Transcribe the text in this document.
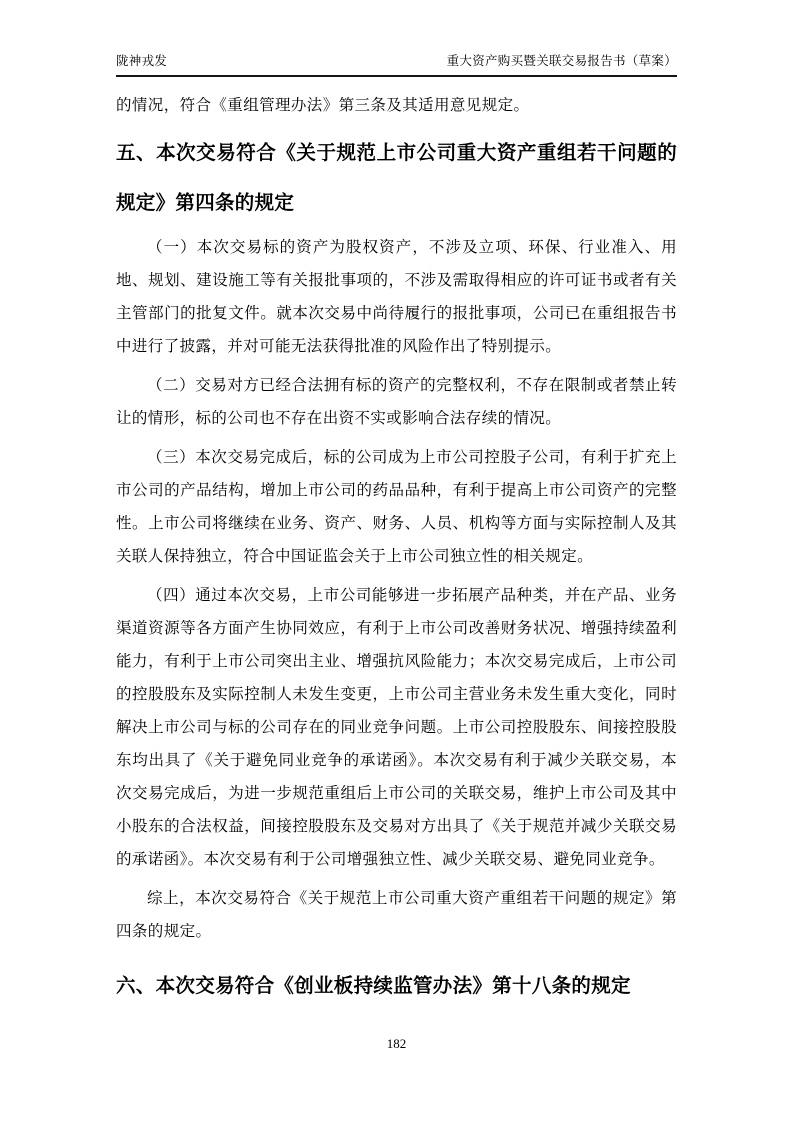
陇神戎发	重大资产购买暨关联交易报告书（草案）

的情况，符合《重组管理办法》第三条及其适用意见规定。

五、本次交易符合《关于规范上市公司重大资产重组若干问题的规定》第四条的规定

（一）本次交易标的资产为股权资产，不涉及立项、环保、行业准入、用地、规划、建设施工等有关报批事项的，不涉及需取得相应的许可证书或者有关主管部门的批复文件。就本次交易中尚待履行的报批事项，公司已在重组报告书中进行了披露，并对可能无法获得批准的风险作出了特别提示。

（二）交易对方已经合法拥有标的资产的完整权利，不存在限制或者禁止转让的情形，标的公司也不存在出资不实或影响合法存续的情况。

（三）本次交易完成后，标的公司成为上市公司控股子公司，有利于扩充上市公司的产品结构，增加上市公司的药品品种，有利于提高上市公司资产的完整性。上市公司将继续在业务、资产、财务、人员、机构等方面与实际控制人及其关联人保持独立，符合中国证监会关于上市公司独立性的相关规定。

（四）通过本次交易，上市公司能够进一步拓展产品种类，并在产品、业务渠道资源等各方面产生协同效应，有利于上市公司改善财务状况、增强持续盈利能力，有利于上市公司突出主业、增强抗风险能力；本次交易完成后，上市公司的控股股东及实际控制人未发生变更，上市公司主营业务未发生重大变化，同时解决上市公司与标的公司存在的同业竞争问题。上市公司控股股东、间接控股股东均出具了《关于避免同业竞争的承诺函》。本次交易有利于减少关联交易，本次交易完成后，为进一步规范重组后上市公司的关联交易，维护上市公司及其中小股东的合法权益，间接控股股东及交易对方出具了《关于规范并减少关联交易的承诺函》。本次交易有利于公司增强独立性、减少关联交易、避免同业竞争。

综上，本次交易符合《关于规范上市公司重大资产重组若干问题的规定》第四条的规定。

六、本次交易符合《创业板持续监管办法》第十八条的规定
182
